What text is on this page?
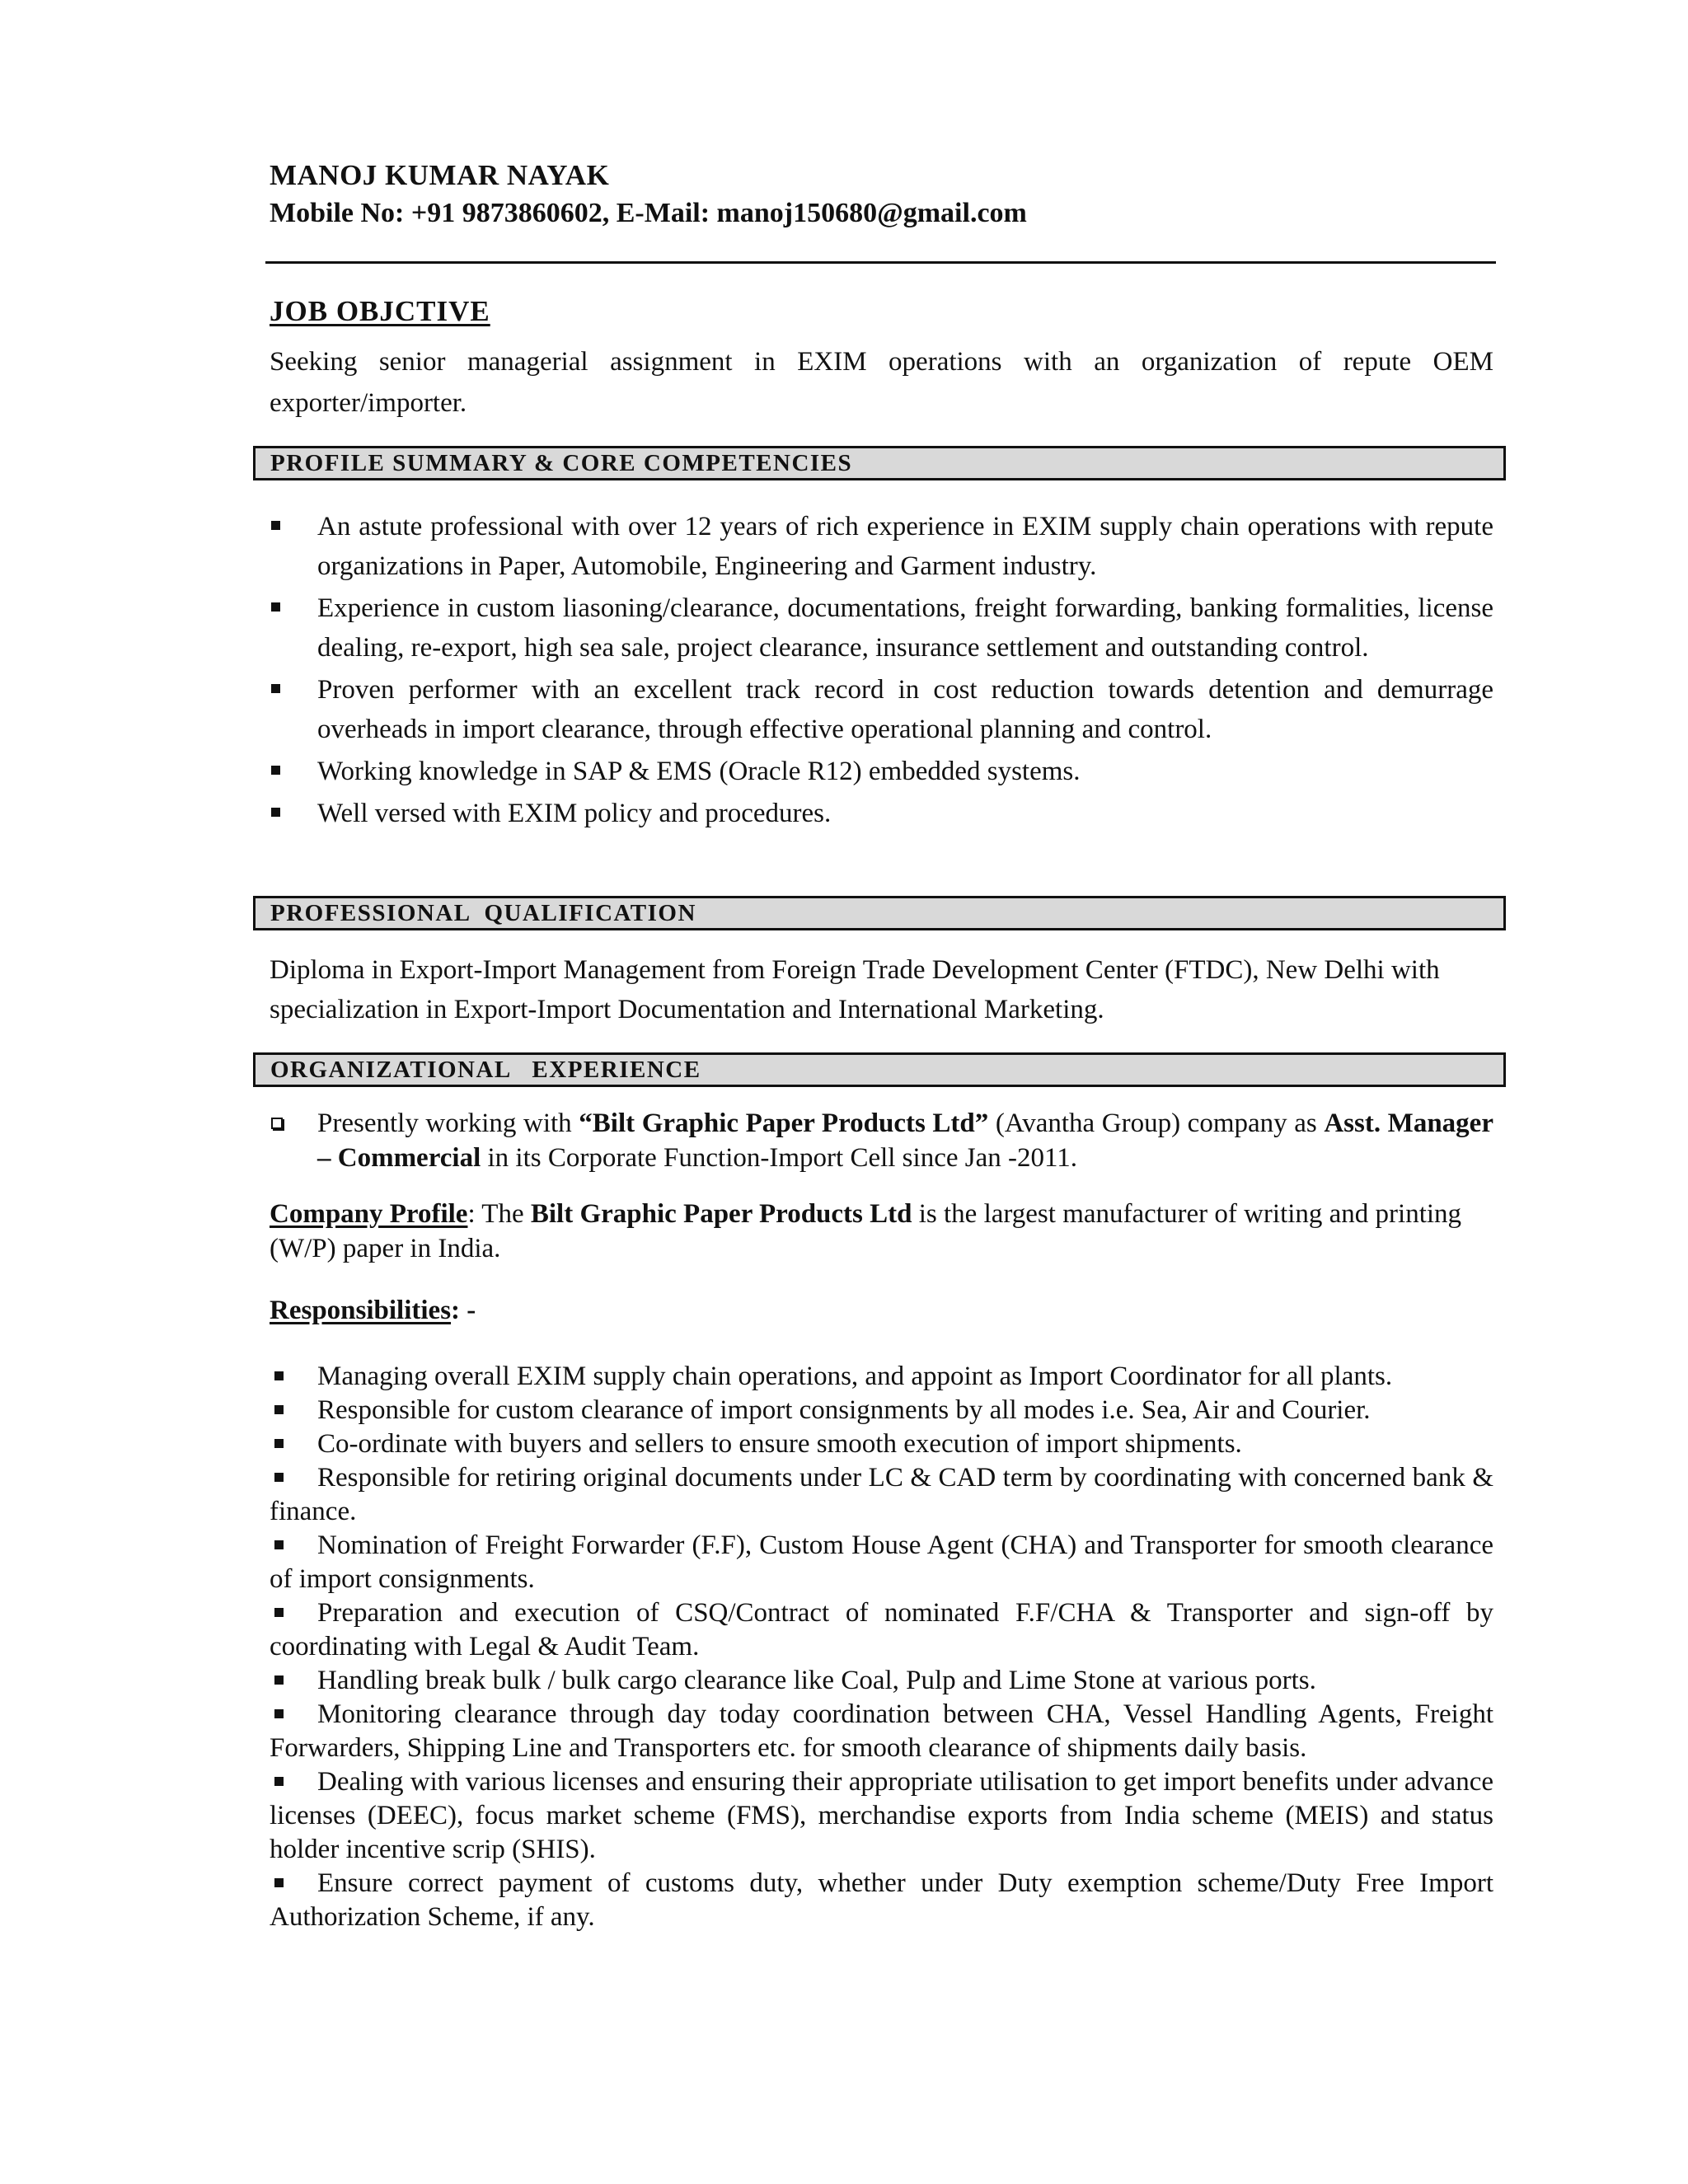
MANOJ KUMAR NAYAK
Mobile No: +91 9873860602, E-Mail: manoj150680@gmail.com
JOB OBJCTIVE
Seeking senior managerial assignment in EXIM operations with an organization of repute OEM exporter/importer.
PROFILE SUMMARY & CORE COMPETENCIES
An astute professional with over 12 years of rich experience in EXIM supply chain operations with repute organizations in Paper, Automobile, Engineering and Garment industry.
Experience in custom liasoning/clearance, documentations, freight forwarding, banking formalities, license dealing, re-export, high sea sale, project clearance, insurance settlement and outstanding control.
Proven performer with an excellent track record in cost reduction towards detention and demurrage overheads in import clearance, through effective operational planning and control.
Working knowledge in SAP & EMS (Oracle R12) embedded systems.
Well versed with EXIM policy and procedures.
PROFESSIONAL  QUALIFICATION
Diploma in Export-Import Management from Foreign Trade Development Center (FTDC), New Delhi with specialization in Export-Import Documentation and International Marketing.
ORGANIZATIONAL   EXPERIENCE
Presently working with “Bilt Graphic Paper Products Ltd” (Avantha Group) company as Asst. Manager – Commercial in its Corporate Function-Import Cell since Jan -2011.
Company Profile: The Bilt Graphic Paper Products Ltd is the largest manufacturer of writing and printing (W/P) paper in India.
Responsibilities: -
Managing overall EXIM supply chain operations, and appoint as Import Coordinator for all plants.
Responsible for custom clearance of import consignments by all modes i.e. Sea, Air and Courier.
Co-ordinate with buyers and sellers to ensure smooth execution of import shipments.
Responsible for retiring original documents under LC & CAD term by coordinating with concerned bank & finance.
Nomination of Freight Forwarder (F.F), Custom House Agent (CHA) and Transporter for smooth clearance of import consignments.
Preparation and execution of CSQ/Contract of nominated F.F/CHA & Transporter and sign-off by coordinating with Legal & Audit Team.
Handling break bulk / bulk cargo clearance like Coal, Pulp and Lime Stone at various ports.
Monitoring clearance through day today coordination between CHA, Vessel Handling Agents, Freight Forwarders, Shipping Line and Transporters etc. for smooth clearance of shipments daily basis.
Dealing with various licenses and ensuring their appropriate utilisation to get import benefits under advance licenses (DEEC), focus market scheme (FMS), merchandise exports from India scheme (MEIS) and status holder incentive scrip (SHIS).
Ensure correct payment of customs duty, whether under Duty exemption scheme/Duty Free Import Authorization Scheme, if any.
